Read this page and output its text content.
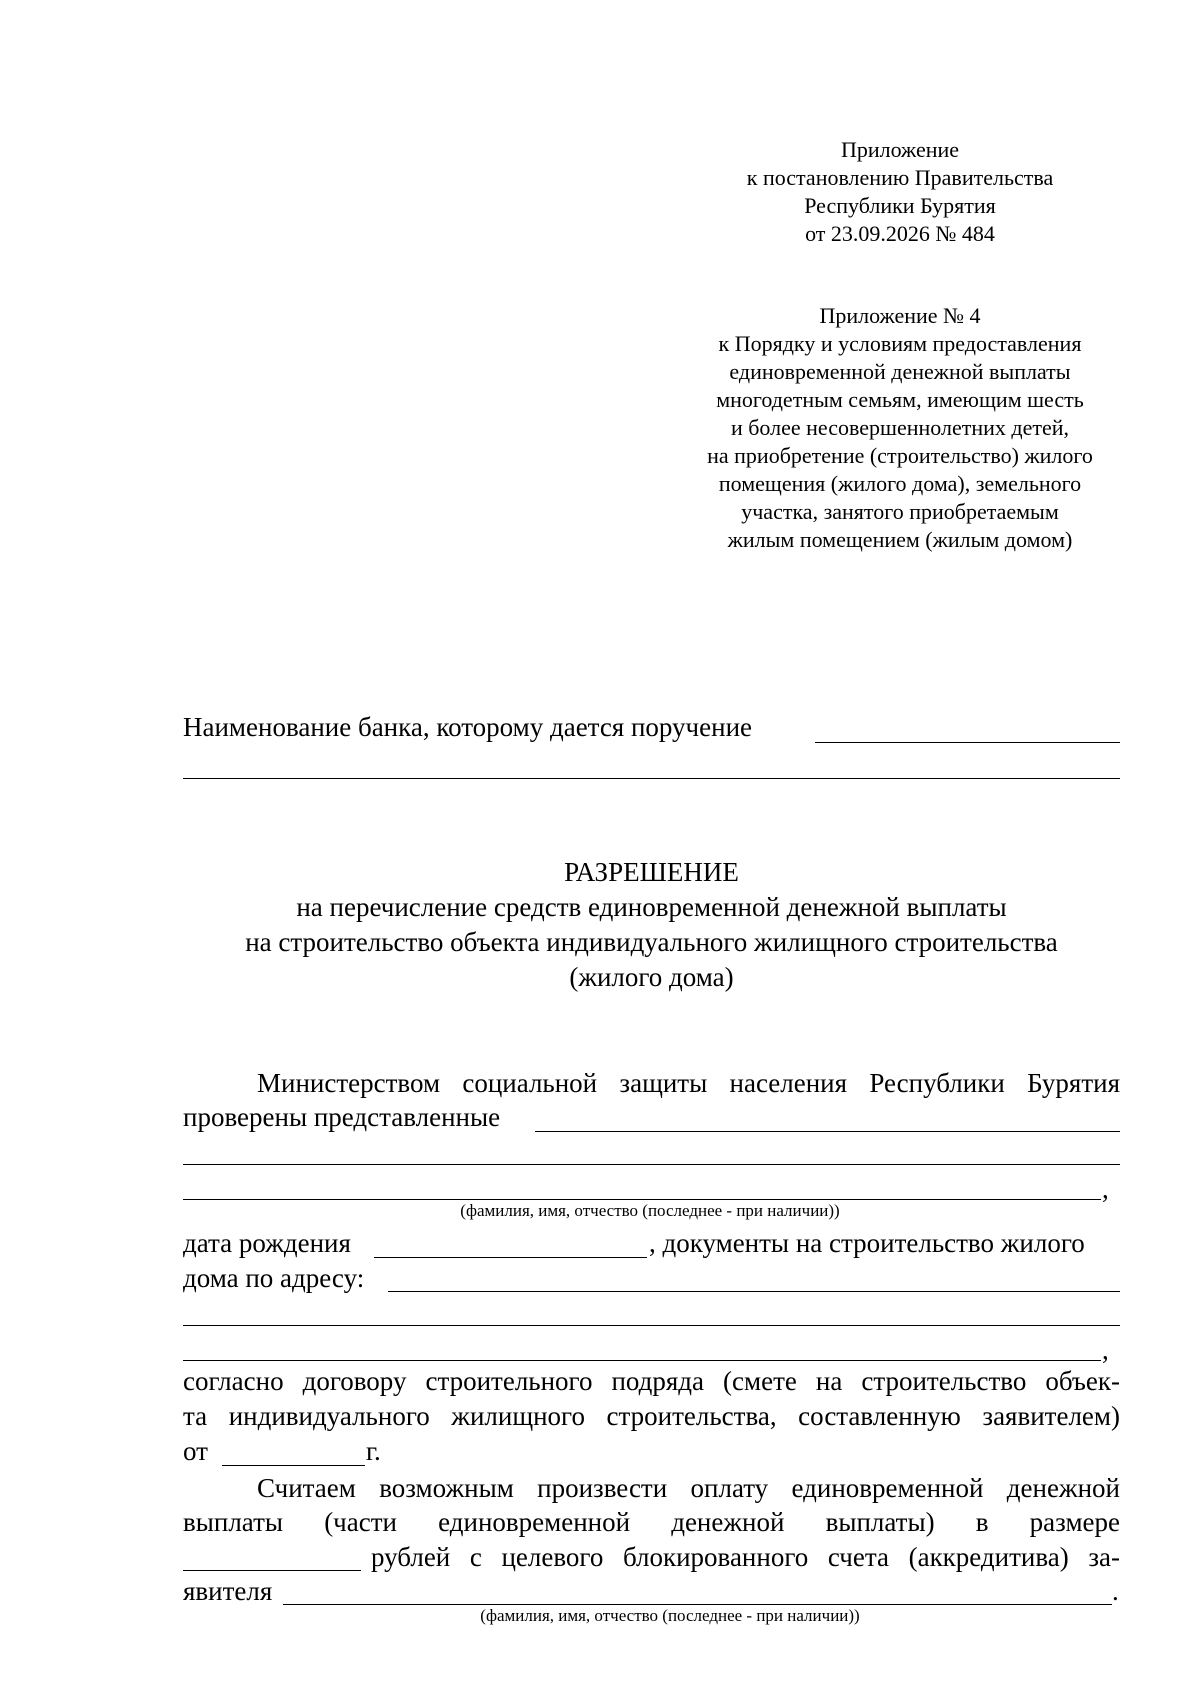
Приложение
к постановлению Правительства
Республики Бурятия
от 23.09.2026 № 484
Приложение № 4
к Порядку и условиям предоставления
единовременной денежной выплаты
многодетным семьям, имеющим шесть
и более несовершеннолетних детей,
на приобретение (строительство) жилого
помещения (жилого дома), земельного
участка, занятого приобретаемым
жилым помещением (жилым домом)
Наименование банка, которому дается поручение
РАЗРЕШЕНИЕ
на перечисление средств единовременной денежной выплаты
на строительство объекта индивидуального жилищного строительства
(жилого дома)
Министерством социальной защиты населения Республики Бурятия
проверены представленные
,
(фамилия, имя, отчество (последнее - при наличии))
дата рождения	, документы на строительство жилого
дома по адресу:
,
согласно договору строительного подряда (смете на строительство объек-
та индивидуального жилищного строительства, составленную заявителем)
от	г.
Считаем возможным произвести оплату единовременной денежной
выплаты (части единовременной денежной выплаты) в размере
рублей с целевого блокированного счета (аккредитива) за-
явителя	.
(фамилия, имя, отчество (последнее - при наличии))
